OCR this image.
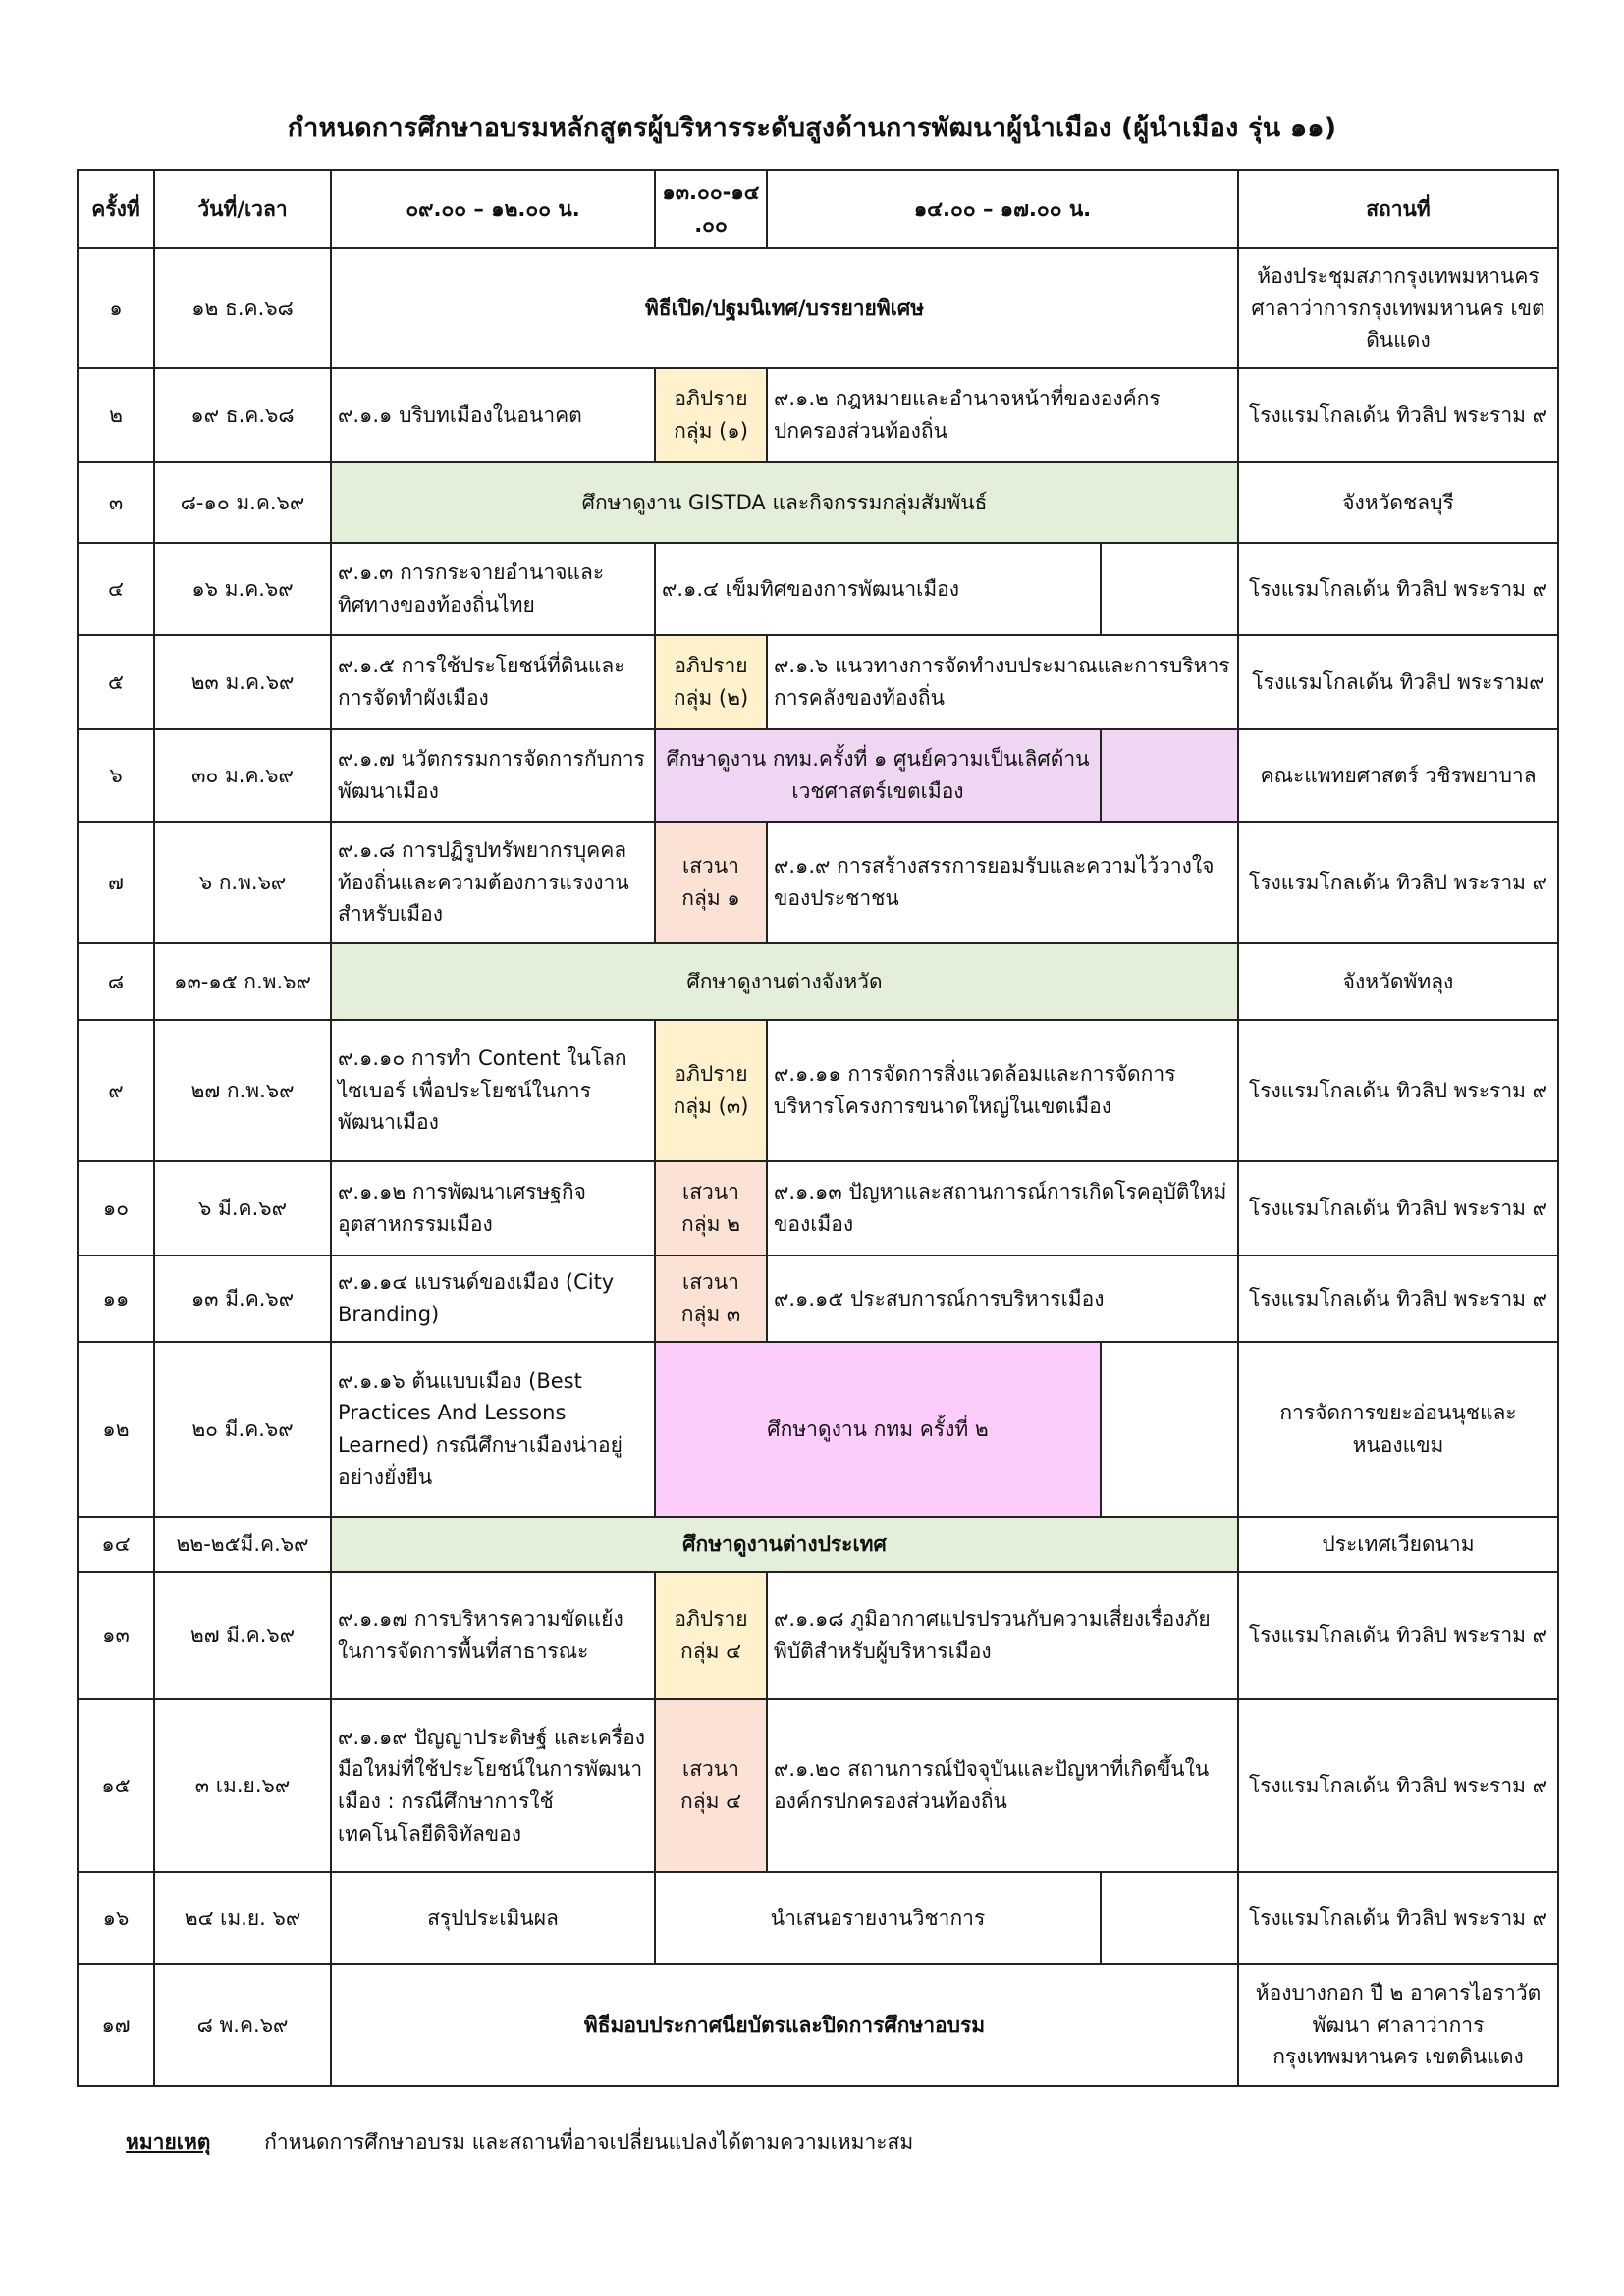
กำหนดการศึกษาอบรมหลักสูตรผู้บริหารระดับสูงด้านการพัฒนาผู้นำเมือง (ผู้นำเมือง รุ่น ๑๑)
ครั้งที่	วันที่/เวลา	๐๙.๐๐ – ๑๒.๐๐ น.	๑๓.๐๐-๑๔.๐๐	๑๔.๐๐ – ๑๗.๐๐ น.		สถานที่
๑	๑๒ ธ.ค.๖๘	พิธีเปิด/ปฐมนิเทศ/บรรยายพิเศษ				ห้องประชุมสภากรุงเทพมหานคร ศาลาว่าการกรุงเทพมหานคร เขตดินแดง
๒	๑๙ ธ.ค.๖๘	๙.๑.๑ บริบทเมืองในอนาคต	อภิปราย กลุ่ม (๑)	๙.๑.๒ กฎหมายและอำนาจหน้าที่ขององค์กรปกครองส่วนท้องถิ่น		โรงแรมโกลเด้น ทิวลิป พระราม ๙
๓	๘-๑๐ ม.ค.๖๙	ศึกษาดูงาน GISTDA และกิจกรรมกลุ่มสัมพันธ์				จังหวัดชลบุรี
๔	๑๖ ม.ค.๖๙	๙.๑.๓ การกระจายอำนาจและทิศทางของท้องถิ่นไทย	๙.๑.๔ เข็มทิศของการพัฒนาเมือง			โรงแรมโกลเด้น ทิวลิป พระราม ๙
๕	๒๓ ม.ค.๖๙	๙.๑.๕ การใช้ประโยชน์ที่ดินและการจัดทำผังเมือง	อภิปราย กลุ่ม (๒)	๙.๑.๖ แนวทางการจัดทำงบประมาณและการบริหารการคลังของท้องถิ่น		โรงแรมโกลเด้น ทิวลิป พระราม๙
๖	๓๐ ม.ค.๖๙	๙.๑.๗ นวัตกรรมการจัดการกับการพัฒนาเมือง	ศึกษาดูงาน กทม.ครั้งที่ ๑ ศูนย์ความเป็นเลิศด้านเวชศาสตร์เขตเมือง			คณะแพทยศาสตร์ วชิรพยาบาล
๗	๖ ก.พ.๖๙	๙.๑.๘ การปฏิรูปทรัพยากรบุคคลท้องถิ่นและความต้องการแรงงานสำหรับเมือง	เสวนา กลุ่ม ๑	๙.๑.๙ การสร้างสรรการยอมรับและความไว้วางใจของประชาชน		โรงแรมโกลเด้น ทิวลิป พระราม ๙
๘	๑๓-๑๕ ก.พ.๖๙	ศึกษาดูงานต่างจังหวัด				จังหวัดพัทลุง
๙	๒๗ ก.พ.๖๙	๙.๑.๑๐ การทำ Content ในโลกไซเบอร์ เพื่อประโยชน์ในการพัฒนาเมือง	อภิปราย กลุ่ม (๓)	๙.๑.๑๑ การจัดการสิ่งแวดล้อมและการจัดการบริหารโครงการขนาดใหญ่ในเขตเมือง		โรงแรมโกลเด้น ทิวลิป พระราม ๙
๑๐	๖ มี.ค.๖๙	๙.๑.๑๒ การพัฒนาเศรษฐกิจอุตสาหกรรมเมือง	เสวนา กลุ่ม ๒	๙.๑.๑๓ ปัญหาและสถานการณ์การเกิดโรคอุบัติใหม่ของเมือง		โรงแรมโกลเด้น ทิวลิป พระราม ๙
๑๑	๑๓ มี.ค.๖๙	๙.๑.๑๔ แบรนด์ของเมือง (City Branding)	เสวนา กลุ่ม ๓	๙.๑.๑๕ ประสบการณ์การบริหารเมือง		โรงแรมโกลเด้น ทิวลิป พระราม ๙
๑๒	๒๐ มี.ค.๖๙	๙.๑.๑๖ ต้นแบบเมือง (Best Practices And Lessons Learned) กรณีศึกษาเมืองน่าอยู่อย่างยั่งยืน	ศึกษาดูงาน กทม ครั้งที่ ๒			การจัดการขยะอ่อนนุชและหนองแขม
๑๔	๒๒-๒๕มี.ค.๖๙	ศึกษาดูงานต่างประเทศ				ประเทศเวียดนาม
๑๓	๒๗ มี.ค.๖๙	๙.๑.๑๗ การบริหารความขัดแย้ง ในการจัดการพื้นที่สาธารณะ	อภิปราย กลุ่ม ๔	๙.๑.๑๘ ภูมิอากาศแปรปรวนกับความเสี่ยงเรื่องภัยพิบัติสำหรับผู้บริหารเมือง		โรงแรมโกลเด้น ทิวลิป พระราม ๙
๑๕	๓ เม.ย.๖๙	๙.๑.๑๙ ปัญญาประดิษฐ์ และเครื่องมือใหม่ที่ใช้ประโยชน์ในการพัฒนาเมือง : กรณีศึกษาการใช้เทคโนโลยีดิจิทัลของ	เสวนา กลุ่ม ๔	๙.๑.๒๐ สถานการณ์ปัจจุบันและปัญหาที่เกิดขึ้นในองค์กรปกครองส่วนท้องถิ่น		โรงแรมโกลเด้น ทิวลิป พระราม ๙
๑๖	๒๔ เม.ย. ๖๙	สรุปประเมินผล	นำเสนอรายงานวิชาการ			โรงแรมโกลเด้น ทิวลิป พระราม ๙
๑๗	๘ พ.ค.๖๙	พิธีมอบประกาศนียบัตรและปิดการศึกษาอบรม				ห้องบางกอก ปี ๒ อาคารไอราวัตพัฒนา ศาลาว่าการกรุงเทพมหานคร เขตดินแดง
หมายเหตุ	กำหนดการศึกษาอบรม และสถานที่อาจเปลี่ยนแปลงได้ตามความเหมาะสม
